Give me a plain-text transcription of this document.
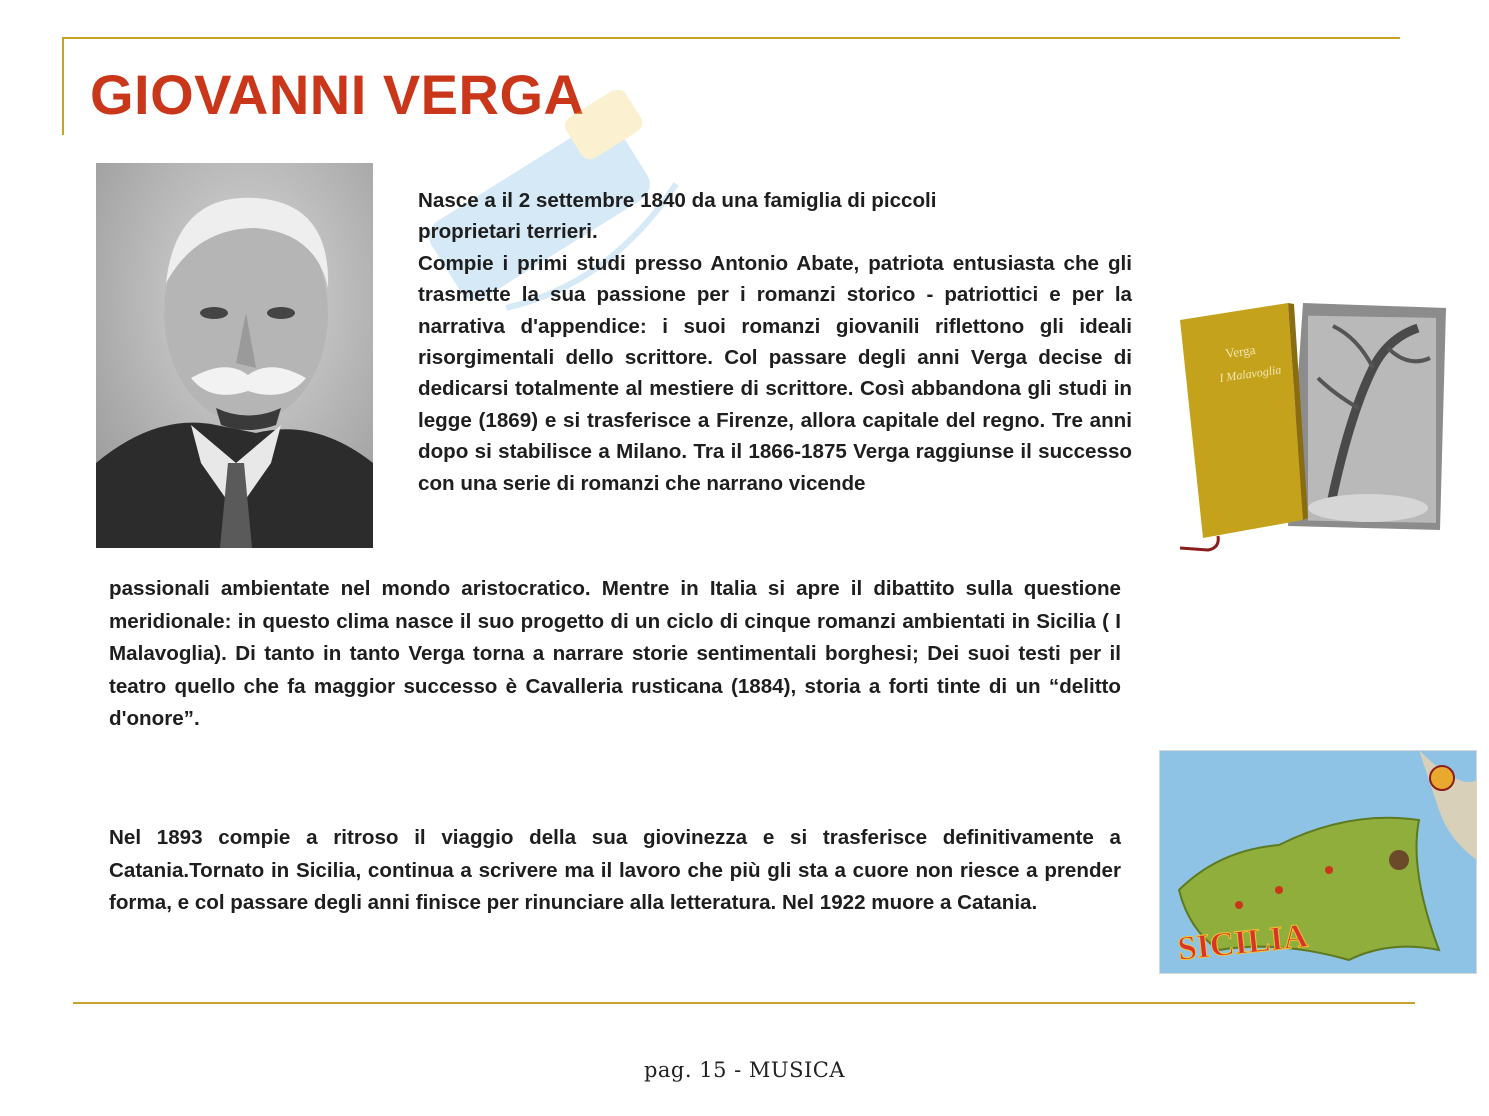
GIOVANNI VERGA

Nasce a il 2 settembre 1840 da una famiglia di piccoli
proprietari terrieri.
Compie i primi studi presso Antonio Abate, patriota entusiasta che gli trasmette la sua passione per i romanzi storico - patriottici e per la narrativa d'appendice: i suoi romanzi giovanili riflettono gli ideali risorgimentali dello scrittore. Col passare degli anni Verga decise di dedicarsi totalmente al mestiere di scrittore. Così abbandona gli studi in legge (1869) e si trasferisce a Firenze, allora capitale del regno. Tre anni dopo si stabilisce a Milano. Tra il 1866-1875 Verga raggiunse il successo con una serie di romanzi che narrano vicende

Verga
I Malavoglia

passionali ambientate nel mondo aristocratico. Mentre in Italia si apre il dibattito sulla questione meridionale: in questo clima nasce il suo progetto di un ciclo di cinque romanzi ambientati in Sicilia ( I Malavoglia). Di tanto in tanto Verga torna a narrare storie sentimentali borghesi; Dei suoi testi per il teatro quello che fa maggior successo è Cavalleria rusticana (1884), storia a forti tinte di un “delitto d'onore”.

Nel 1893 compie a ritroso il viaggio della sua giovinezza e si trasferisce definitivamente a Catania.Tornato in Sicilia, continua a scrivere ma il lavoro che più gli sta a cuore non riesce a prender forma, e col passare degli anni finisce per rinunciare alla letteratura. Nel 1922 muore a Catania.

SICILIA
pag. 15 - MUSICA
